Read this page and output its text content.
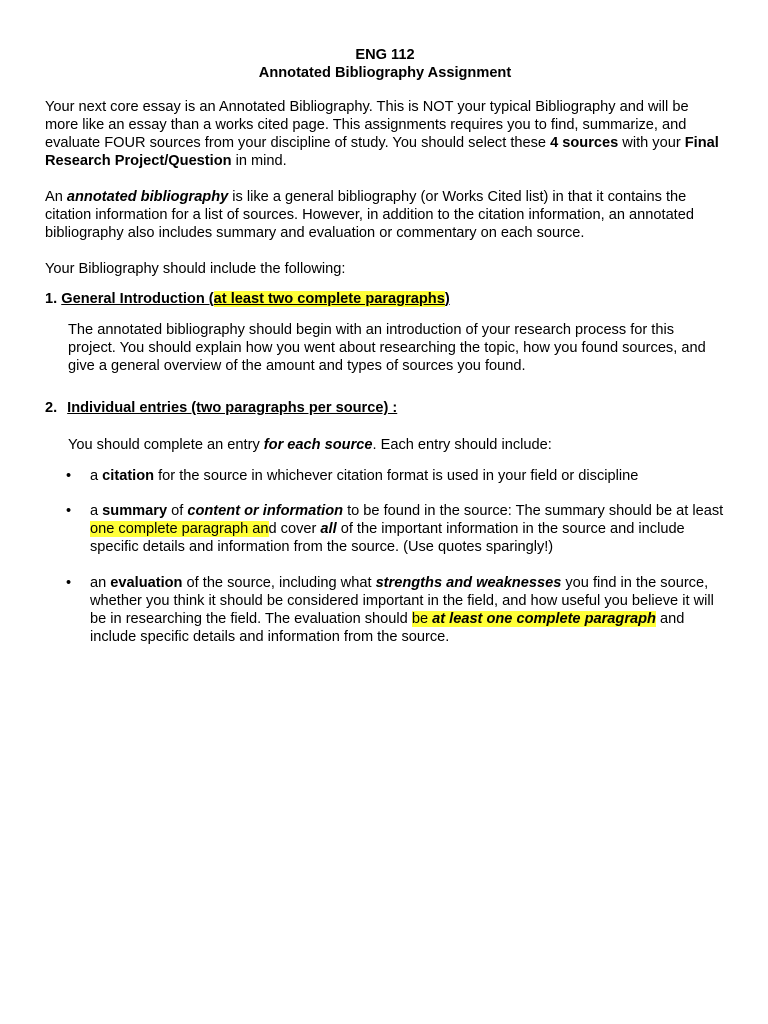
ENG 112
Annotated Bibliography Assignment

Your next core essay is an Annotated Bibliography. This is NOT your typical Bibliography and will be more like an essay than a works cited page. This assignments requires you to find, summarize, and evaluate FOUR sources from your discipline of study. You should select these 4 sources with your Final Research Project/Question in mind.

An annotated bibliography is like a general bibliography (or Works Cited list) in that it contains the citation information for a list of sources. However, in addition to the citation information, an annotated bibliography also includes summary and evaluation or commentary on each source.

Your Bibliography should include the following:

1. General Introduction (at least two complete paragraphs)

The annotated bibliography should begin with an introduction of your research process for this project. You should explain how you went about researching the topic, how you found sources, and give a general overview of the amount and types of sources you found.

2. Individual entries (two paragraphs per source) :

You should complete an entry for each source. Each entry should include:

• a citation for the source in whichever citation format is used in your field or discipline

• a summary of content or information to be found in the source: The summary should be at least one complete paragraph and cover all of the important information in the source and include specific details and information from the source. (Use quotes sparingly!)

• an evaluation of the source, including what strengths and weaknesses you find in the source, whether you think it should be considered important in the field, and how useful you believe it will be in researching the field. The evaluation should be at least one complete paragraph and include specific details and information from the source.
